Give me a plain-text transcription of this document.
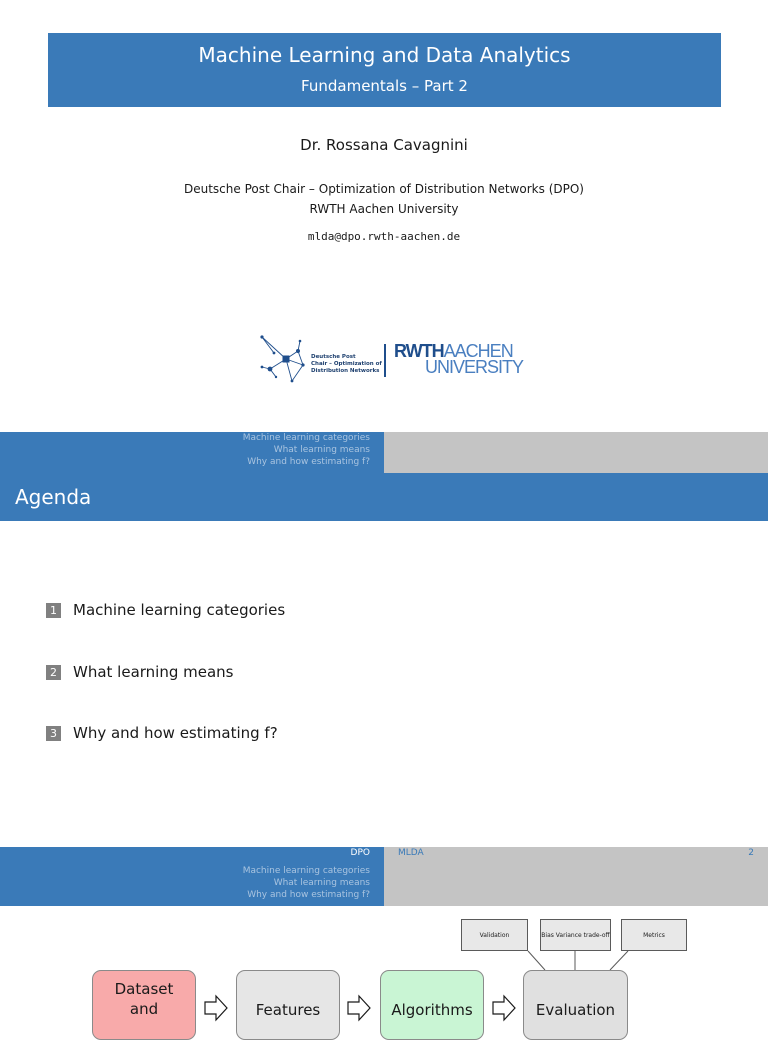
Machine Learning and Data Analytics
Fundamentals – Part 2
Dr. Rossana Cavagnini
Deutsche Post Chair – Optimization of Distribution Networks (DPO)
RWTH Aachen University
mlda@dpo.rwth-aachen.de
Deutsche Post
Chair – Optimization of
Distribution Networks
RWTHAACHEN
UNIVERSITY
Machine learning categories
What learning means
Why and how estimating f?
Agenda
1 Machine learning categories
2 What learning means
3 Why and how estimating f?
DPO	MLDA	2
Machine learning categories
What learning means
Why and how estimating f?
Validation	Bias Variance trade-off	Metrics
Dataset and	Features	Algorithms	Evaluation
